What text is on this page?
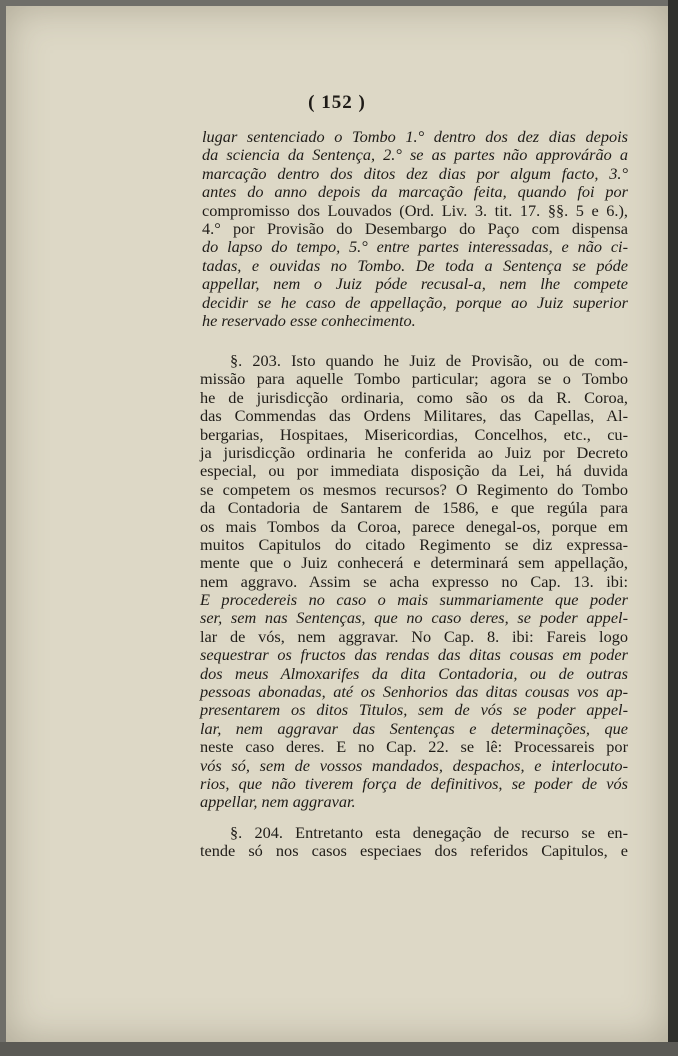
( 152 )
lugar sentenciado o Tombo 1.° dentro dos dez dias depois
da sciencia da Sentença, 2.° se as partes não approvárão a
marcação dentro dos ditos dez dias por algum facto, 3.°
antes do anno depois da marcação feita, quando foi por
compromisso dos Louvados (Ord. Liv. 3. tit. 17. §§. 5 e 6.),
4.° por Provisão do Desembargo do Paço com dispensa
do lapso do tempo, 5.° entre partes interessadas, e não ci-
tadas, e ouvidas no Tombo. De toda a Sentença se póde
appellar, nem o Juiz póde recusal-a, nem lhe compete
decidir se he caso de appellação, porque ao Juiz superior
he reservado esse conhecimento.
§. 203. Isto quando he Juiz de Provisão, ou de com-
missão para aquelle Tombo particular; agora se o Tombo
he de jurisdicção ordinaria, como são os da R. Coroa,
das Commendas das Ordens Militares, das Capellas, Al-
bergarias, Hospitaes, Misericordias, Concelhos, etc., cu-
ja jurisdicção ordinaria he conferida ao Juiz por Decreto
especial, ou por immediata disposição da Lei, há duvida
se competem os mesmos recursos? O Regimento do Tombo
da Contadoria de Santarem de 1586, e que regúla para
os mais Tombos da Coroa, parece denegal-os, porque em
muitos Capitulos do citado Regimento se diz expressa-
mente que o Juiz conhecerá e determinará sem appellação,
nem aggravo. Assim se acha expresso no Cap. 13. ibi:
E procedereis no caso o mais summariamente que poder
ser, sem nas Sentenças, que no caso deres, se poder appel-
lar de vós, nem aggravar. No Cap. 8. ibi: Fareis logo
sequestrar os fructos das rendas das ditas cousas em poder
dos meus Almoxarifes da dita Contadoria, ou de outras
pessoas abonadas, até os Senhorios das ditas cousas vos ap-
presentarem os ditos Titulos, sem de vós se poder appel-
lar, nem aggravar das Sentenças e determinações, que
neste caso deres. E no Cap. 22. se lê: Processareis por
vós só, sem de vossos mandados, despachos, e interlocuto-
rios, que não tiverem força de definitivos, se poder de vós
appellar, nem aggravar.
§. 204. Entretanto esta denegação de recurso se en-
tende só nos casos especiaes dos referidos Capitulos, e
